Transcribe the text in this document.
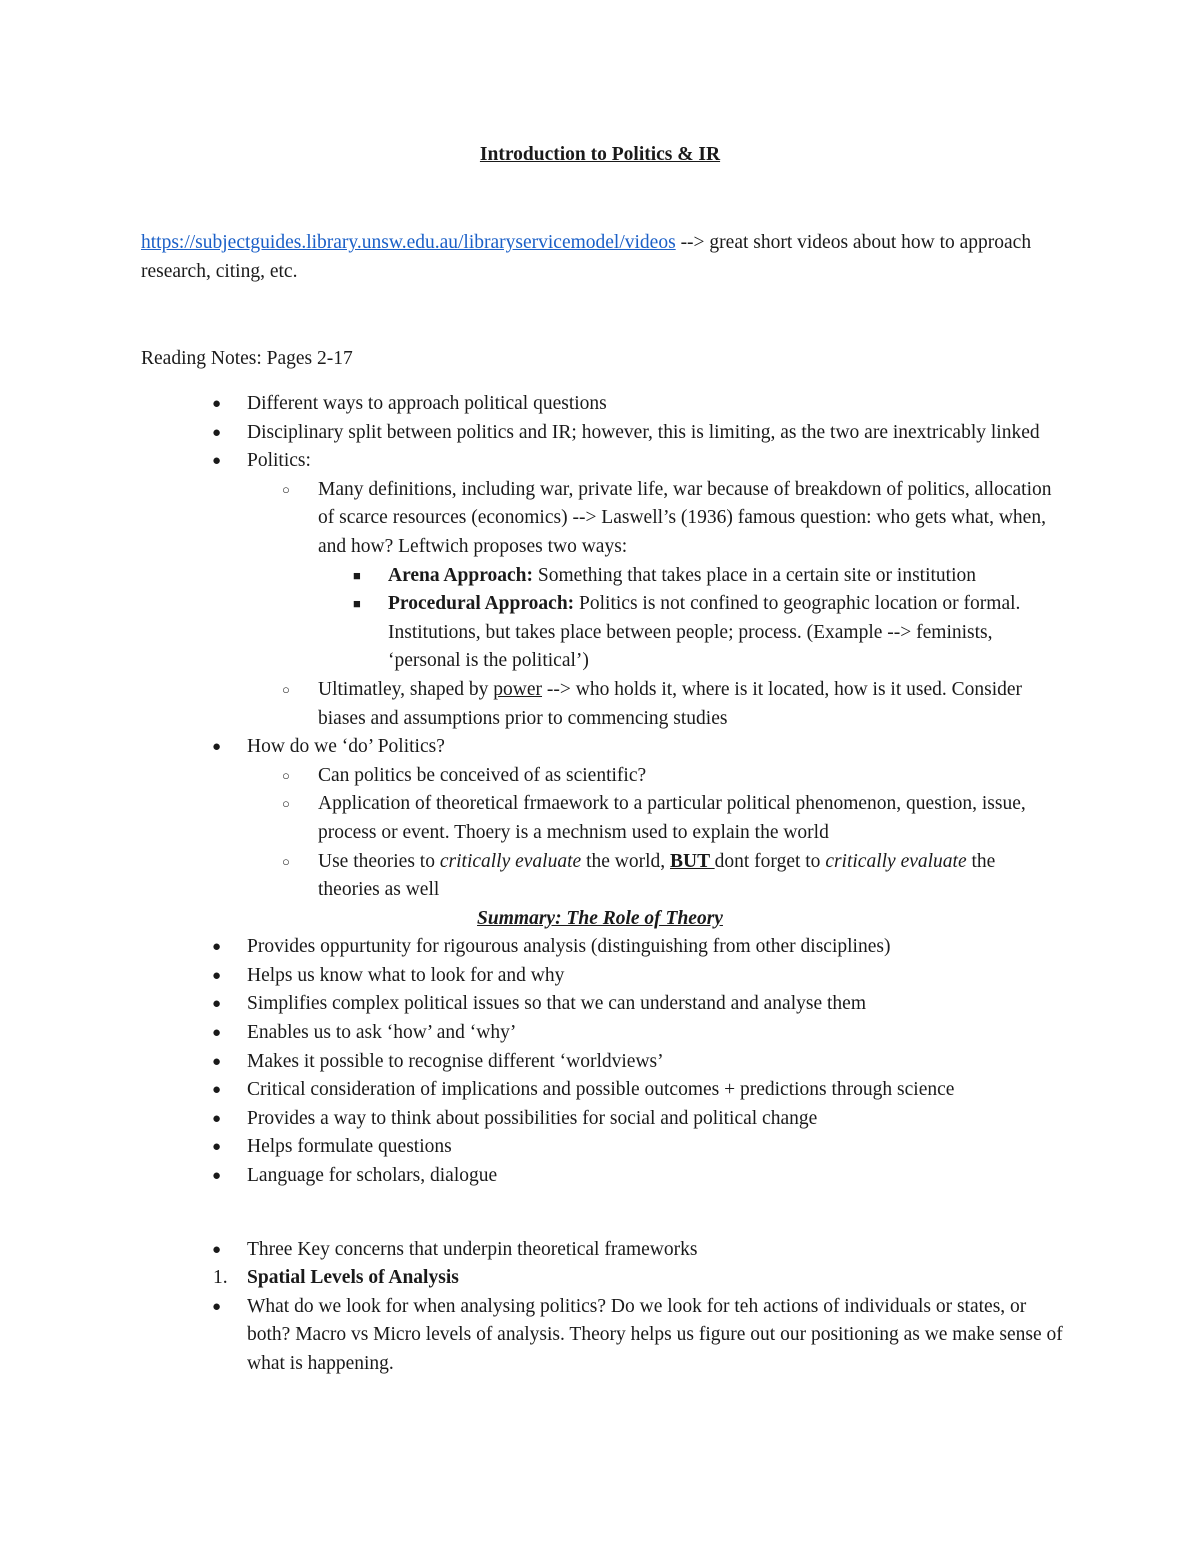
Introduction to Politics & IR
https://subjectguides.library.unsw.edu.au/libraryservicemodel/videos --> great short videos about how to approach research, citing, etc.
Reading Notes: Pages 2-17
● Different ways to approach political questions
● Disciplinary split between politics and IR; however, this is limiting, as the two are inextricably linked
● Politics:
○ Many definitions, including war, private life, war because of breakdown of politics, allocation of scarce resources (economics) --> Laswell’s (1936) famous question: who gets what, when, and how? Leftwich proposes two ways:
■ Arena Approach: Something that takes place in a certain site or institution
■ Procedural Approach: Politics is not confined to geographic location or formal. Institutions, but takes place between people; process. (Example --> feminists, ‘personal is the political’)
○ Ultimatley, shaped by power --> who holds it, where is it located, how is it used. Consider biases and assumptions prior to commencing studies
● How do we ‘do’ Politics?
○ Can politics be conceived of as scientific?
○ Application of theoretical frmaework to a particular political phenomenon, question, issue, process or event. Thoery is a mechnism used to explain the world
○ Use theories to critically evaluate the world, BUT dont forget to critically evaluate the theories as well
Summary: The Role of Theory
● Provides oppurtunity for rigourous analysis (distinguishing from other disciplines)
● Helps us know what to look for and why
● Simplifies complex political issues so that we can understand and analyse them
● Enables us to ask ‘how’ and ‘why’
● Makes it possible to recognise different ‘worldviews’
● Critical consideration of implications and possible outcomes + predictions through science
● Provides a way to think about possibilities for social and political change
● Helps formulate questions
● Language for scholars, dialogue
● Three Key concerns that underpin theoretical frameworks
1. Spatial Levels of Analysis
● What do we look for when analysing politics? Do we look for teh actions of individuals or states, or both? Macro vs Micro levels of analysis. Theory helps us figure out our positioning as we make sense of what is happening.
